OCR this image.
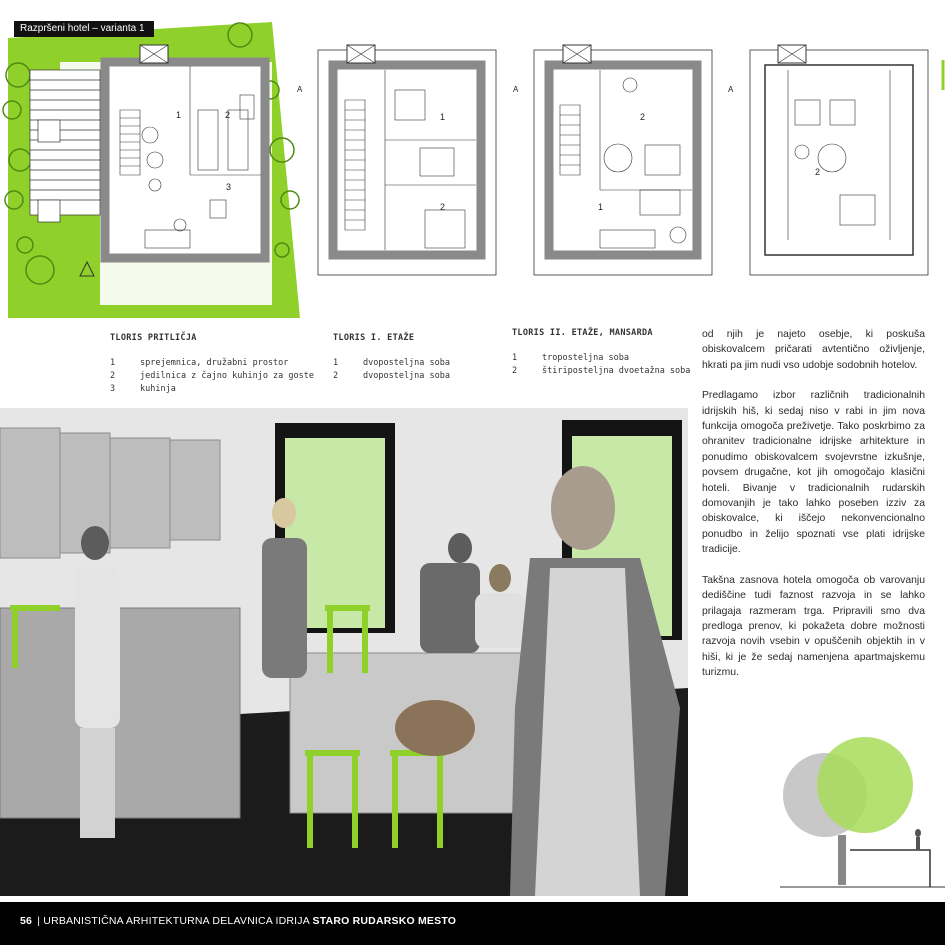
1	2
3
A
1
2
A
2
1
A
2
Razpršeni hotel – varianta 1
TLORIS PRITLIČJA
1	sprejemnica, družabni prostor
2	jedilnica z čajno kuhinjo za goste
3	kuhinja
TLORIS I. ETAŽE
1	dvoposteljna soba
2	dvoposteljna soba
TLORIS II. ETAŽE, MANSARDA
1	troposteljna soba
2	štiriposteljna dvoetažna soba

od njih je najeto osebje, ki poskuša obiskovalcem pričarati avtentično oživljenje, hkrati pa jim nudi vso udobje sodobnih hotelov.

Predlagamo izbor različnih tradicionalnih idrijskih hiš, ki sedaj niso v rabi in jim nova funkcija omogoča preživetje. Tako poskrbimo za ohranitev tradicionalne idrijske arhitekture in ponudimo obiskovalcem svojevrstne izkušnje, povsem drugačne, kot jih omogočajo klasični hoteli. Bivanje v tradicionalnih rudarskih domovanjih je tako lahko poseben izziv za obiskovalce, ki iščejo nekonvencionalno ponudbo in želijo spoznati vse plati idrijske tradicije.

Takšna zasnova hotela omogoča ob varovanju dediščine tudi faznost razvoja in se lahko prilagaja razmeram trga. Pripravili smo dva predloga prenov, ki pokažeta dobre možnosti razvoja novih vsebin v opuščenih objektih in v hiši, ki je že sedaj namenjena apartmajskemu turizmu.

56 | URBANISTIČNA ARHITEKTURNA DELAVNICA IDRIJA STARO RUDARSKO MESTO
